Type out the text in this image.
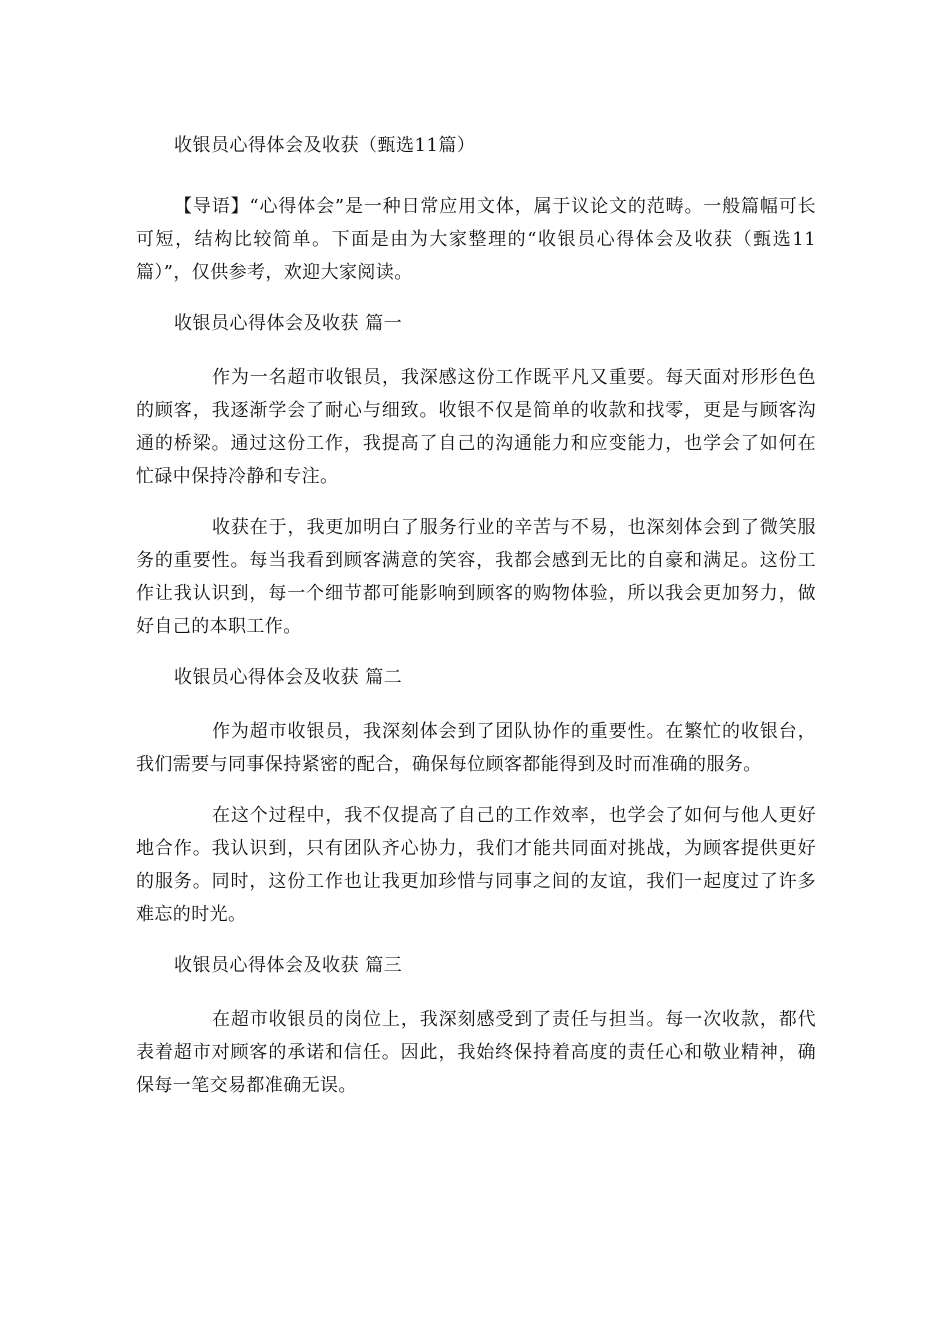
收银员心得体会及收获（甄选11篇）

【导语】“心得体会”是一种日常应用文体，属于议论文的范畴。一般篇幅可长可短，结构比较简单。下面是由为大家整理的“收银员心得体会及收获（甄选11篇）”，仅供参考，欢迎大家阅读。

收银员心得体会及收获 篇一

作为一名超市收银员，我深感这份工作既平凡又重要。每天面对形形色色的顾客，我逐渐学会了耐心与细致。收银不仅是简单的收款和找零，更是与顾客沟通的桥梁。通过这份工作，我提高了自己的沟通能力和应变能力，也学会了如何在忙碌中保持冷静和专注。

收获在于，我更加明白了服务行业的辛苦与不易，也深刻体会到了微笑服务的重要性。每当我看到顾客满意的笑容，我都会感到无比的自豪和满足。这份工作让我认识到，每一个细节都可能影响到顾客的购物体验，所以我会更加努力，做好自己的本职工作。

收银员心得体会及收获 篇二

作为超市收银员，我深刻体会到了团队协作的重要性。在繁忙的收银台，我们需要与同事保持紧密的配合，确保每位顾客都能得到及时而准确的服务。

在这个过程中，我不仅提高了自己的工作效率，也学会了如何与他人更好地合作。我认识到，只有团队齐心协力，我们才能共同面对挑战，为顾客提供更好的服务。同时，这份工作也让我更加珍惜与同事之间的友谊，我们一起度过了许多难忘的时光。

收银员心得体会及收获 篇三

在超市收银员的岗位上，我深刻感受到了责任与担当。每一次收款，都代表着超市对顾客的承诺和信任。因此，我始终保持着高度的责任心和敬业精神，确保每一笔交易都准确无误。
